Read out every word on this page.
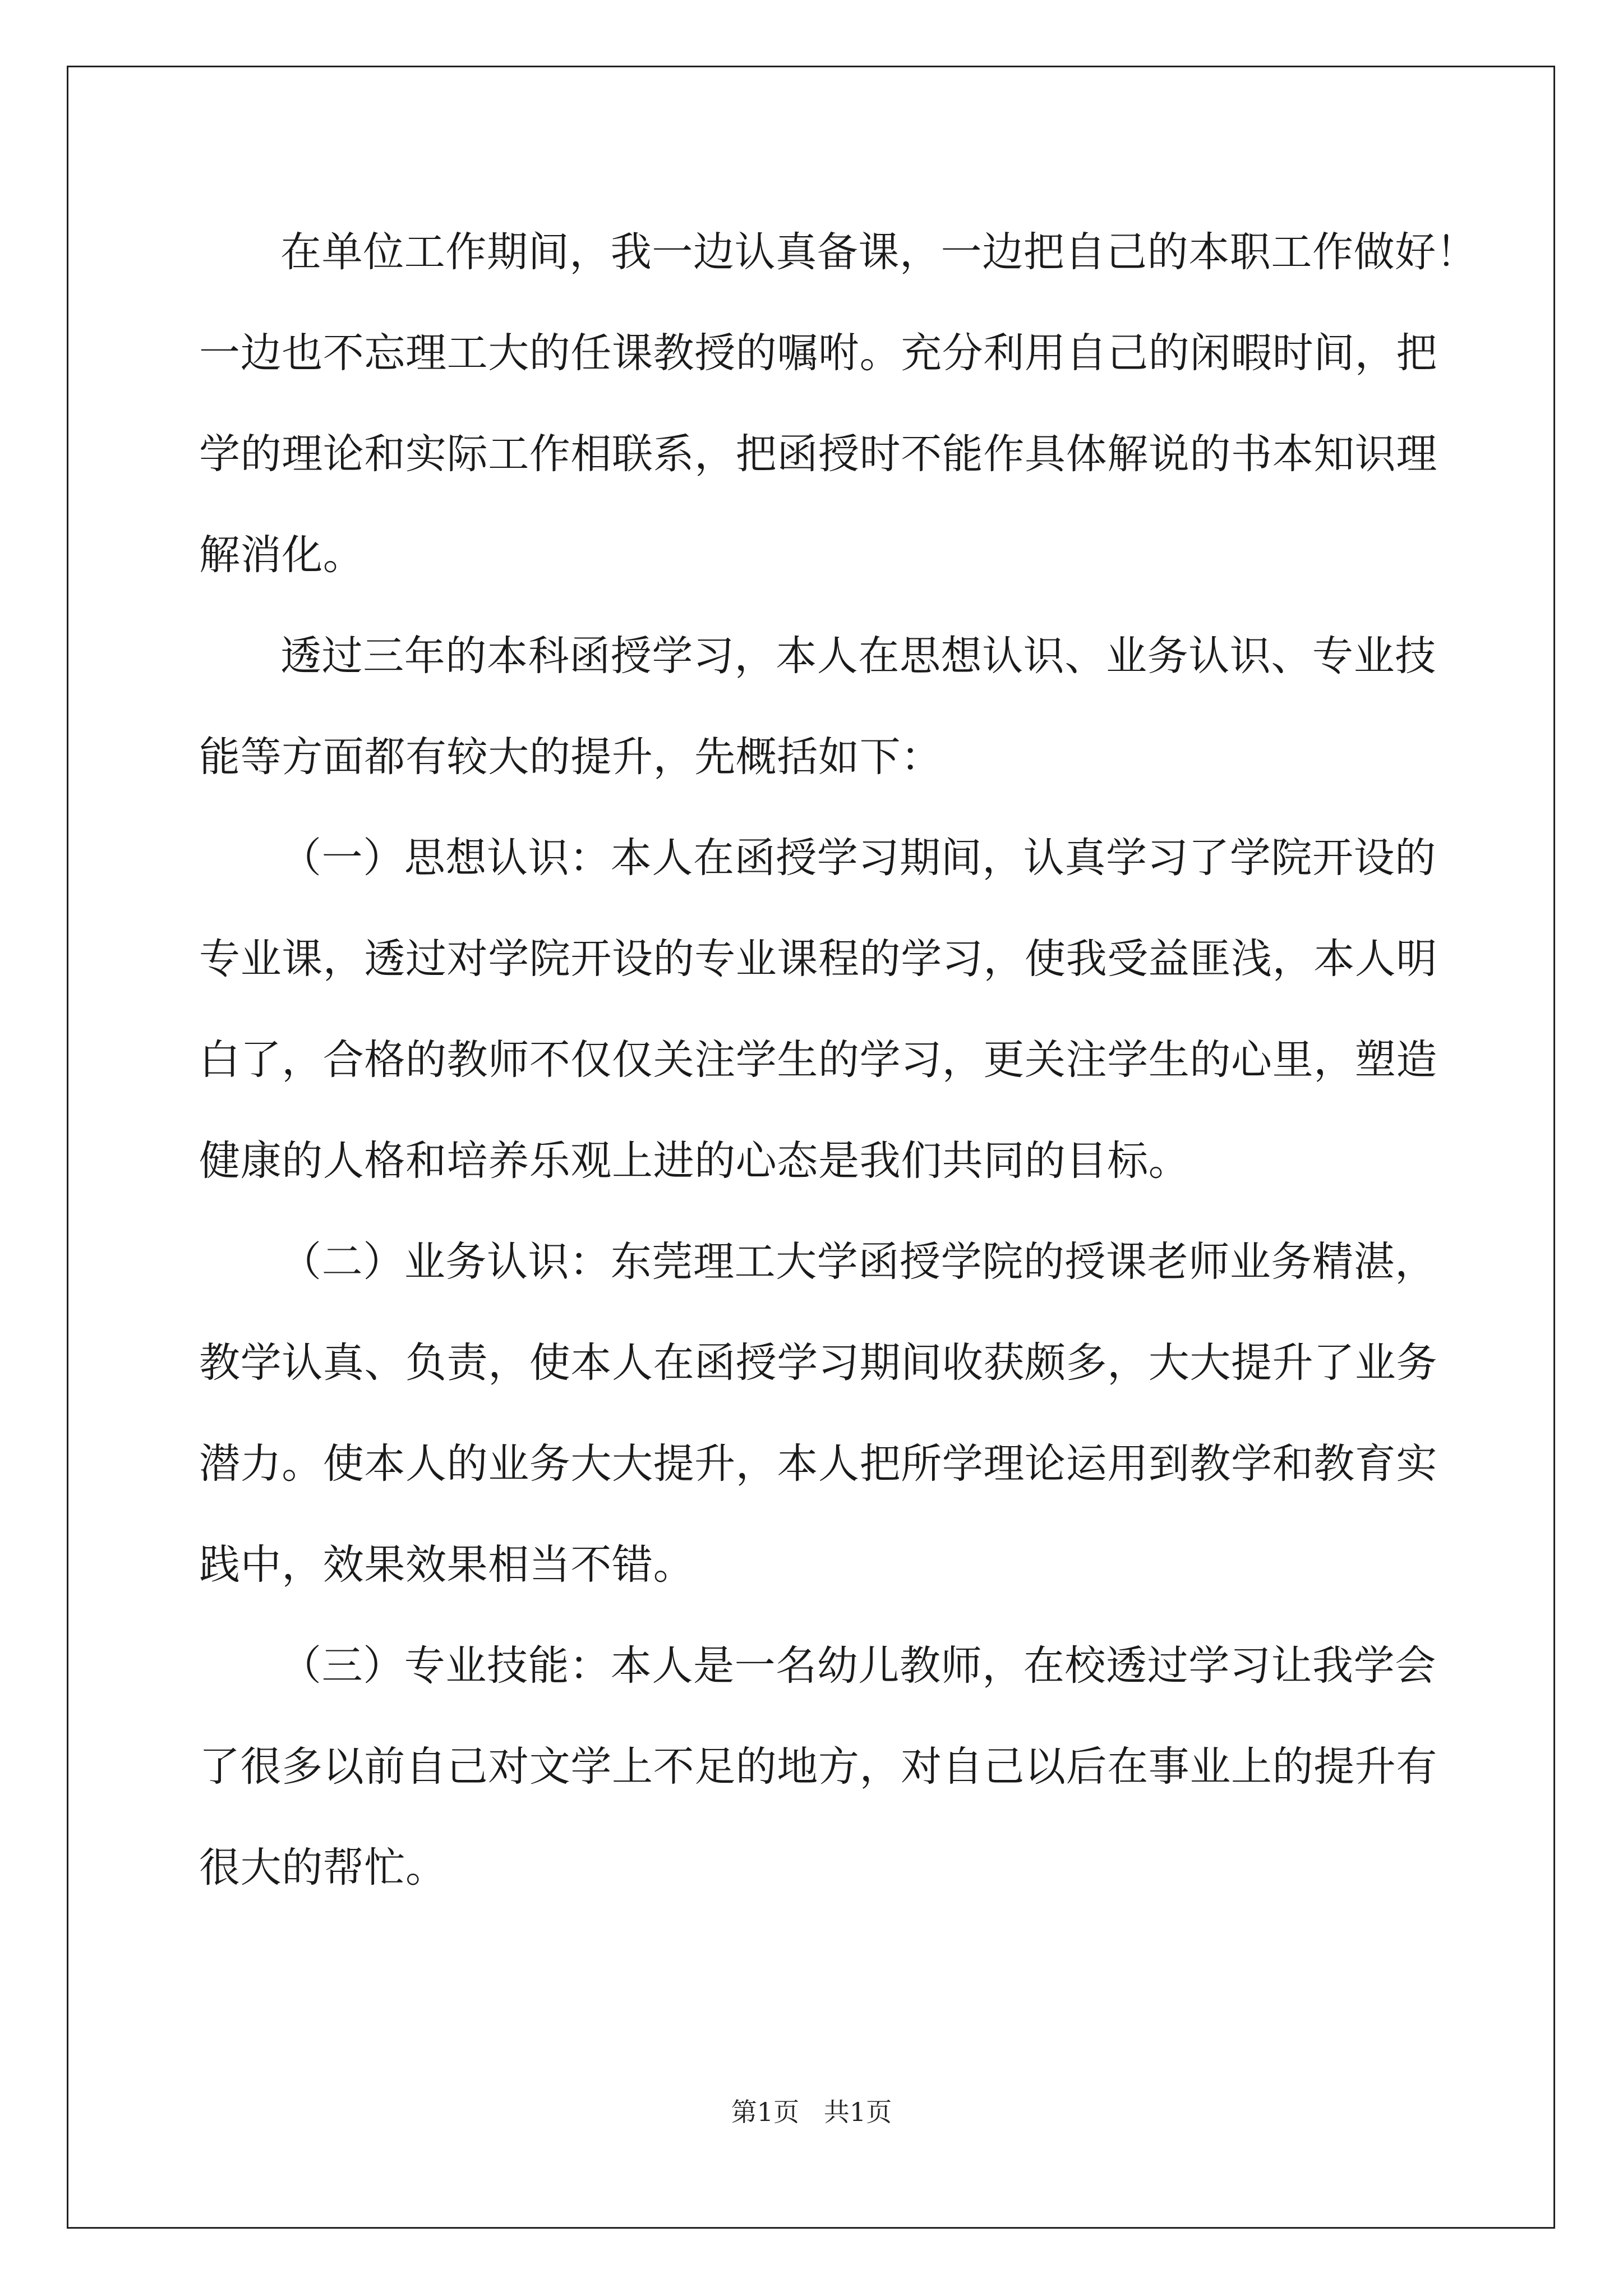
在单位工作期间，我一边认真备课，一边把自己的本职工作做好！
一边也不忘理工大的任课教授的嘱咐。充分利用自己的闲暇时间，把
学的理论和实际工作相联系，把函授时不能作具体解说的书本知识理
解消化。
透过三年的本科函授学习，本人在思想认识、业务认识、专业技
能等方面都有较大的提升，先概括如下：
（一）思想认识：本人在函授学习期间，认真学习了学院开设的
专业课，透过对学院开设的专业课程的学习，使我受益匪浅，本人明
白了，合格的教师不仅仅关注学生的学习，更关注学生的心里，塑造
健康的人格和培养乐观上进的心态是我们共同的目标。
（二）业务认识：东莞理工大学函授学院的授课老师业务精湛，
教学认真、负责，使本人在函授学习期间收获颇多，大大提升了业务
潜力。使本人的业务大大提升，本人把所学理论运用到教学和教育实
践中，效果效果相当不错。
（三）专业技能：本人是一名幼儿教师，在校透过学习让我学会
了很多以前自己对文学上不足的地方，对自己以后在事业上的提升有
很大的帮忙。
第1页   共1页
